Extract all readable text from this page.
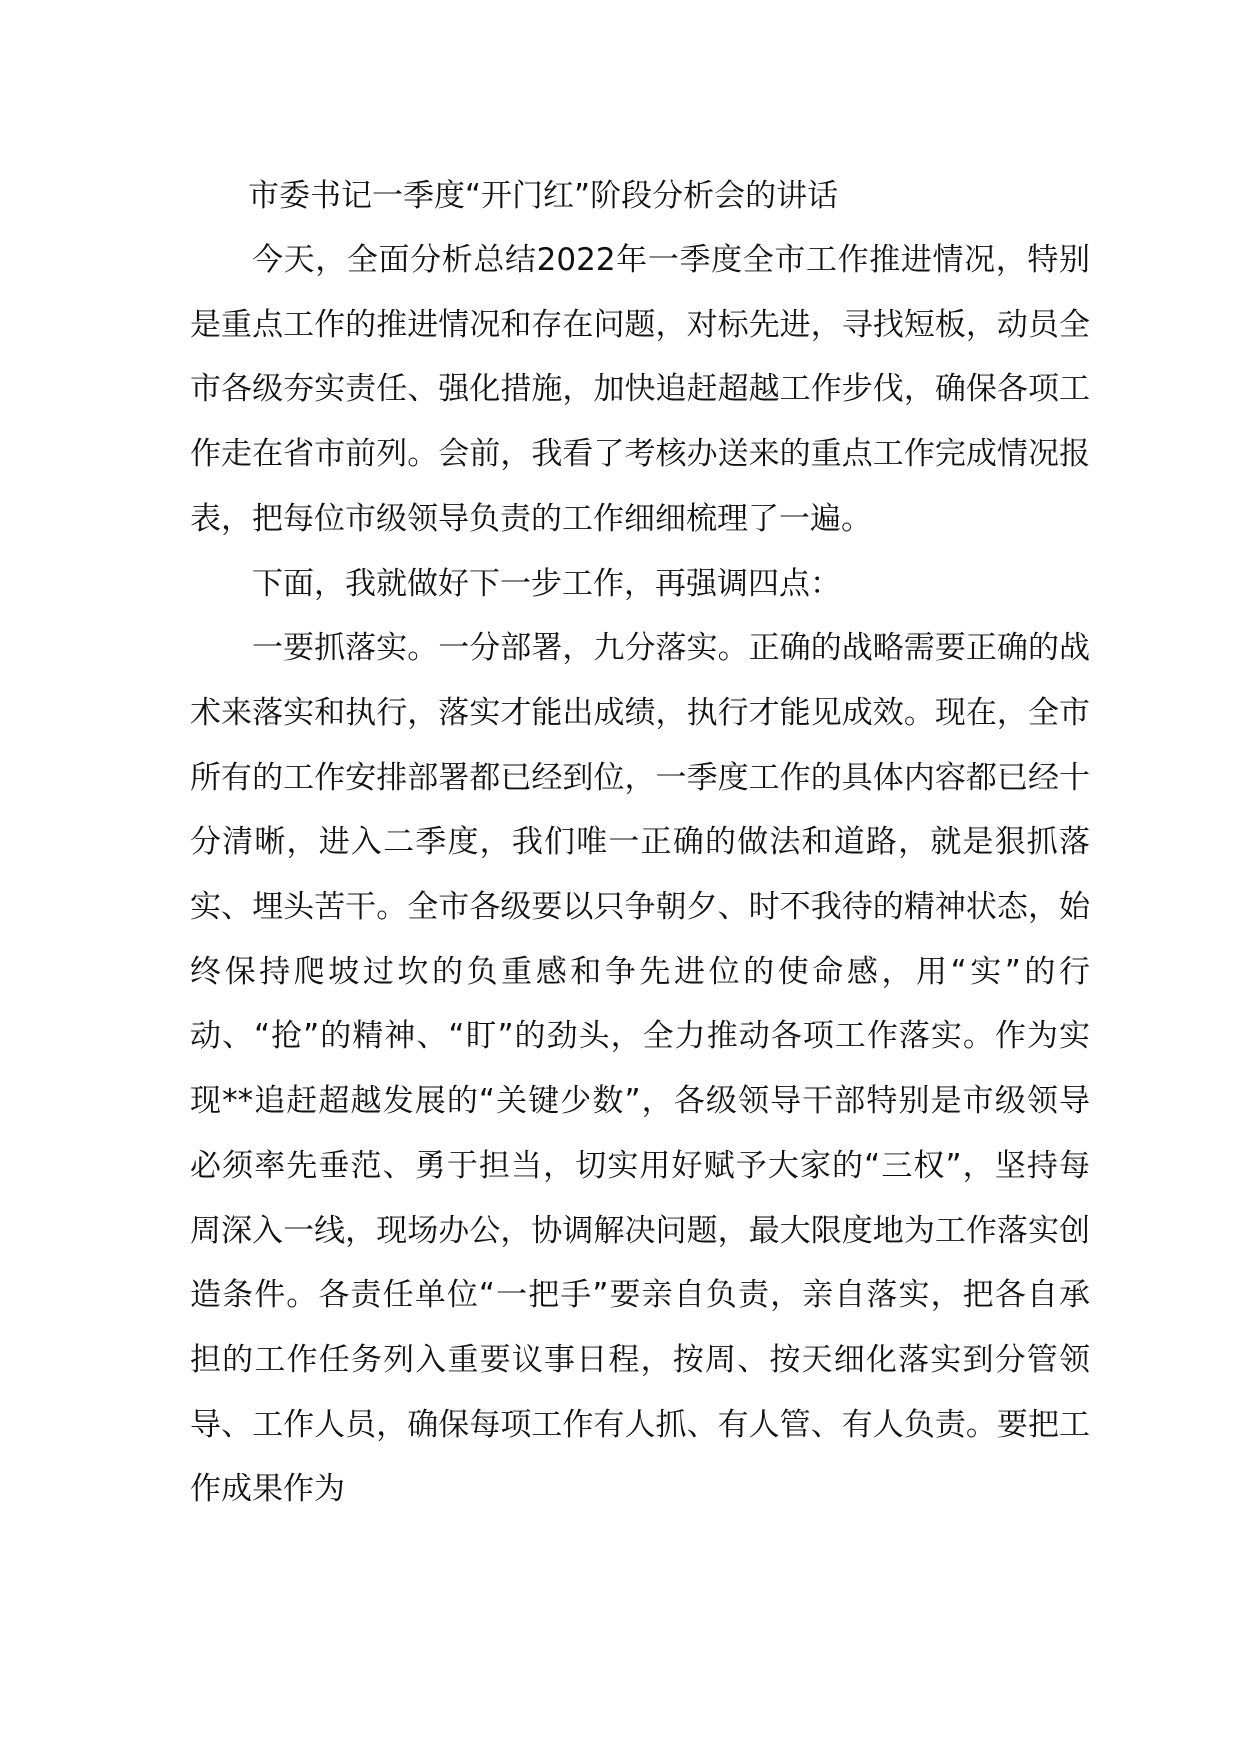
市委书记一季度“开门红”阶段分析会的讲话

今天，全面分析总结2022年一季度全市工作推进情况，特别是重点工作的推进情况和存在问题，对标先进，寻找短板，动员全市各级夯实责任、强化措施，加快追赶超越工作步伐，确保各项工作走在省市前列。会前，我看了考核办送来的重点工作完成情况报表，把每位市级领导负责的工作细细梳理了一遍。

下面，我就做好下一步工作，再强调四点：

一要抓落实。一分部署，九分落实。正确的战略需要正确的战术来落实和执行，落实才能出成绩，执行才能见成效。现在，全市所有的工作安排部署都已经到位，一季度工作的具体内容都已经十分清晰，进入二季度，我们唯一正确的做法和道路，就是狠抓落实、埋头苦干。全市各级要以只争朝夕、时不我待的精神状态，始终保持爬坡过坎的负重感和争先进位的使命感，用“实”的行动、“抢”的精神、“盯”的劲头，全力推动各项工作落实。作为实现**追赶超越发展的“关键少数”，各级领导干部特别是市级领导必须率先垂范、勇于担当，切实用好赋予大家的“三权”，坚持每周深入一线，现场办公，协调解决问题，最大限度地为工作落实创造条件。各责任单位“一把手”要亲自负责，亲自落实，把各自承担的工作任务列入重要议事日程，按周、按天细化落实到分管领导、工作人员，确保每项工作有人抓、有人管、有人负责。要把工作成果作为
